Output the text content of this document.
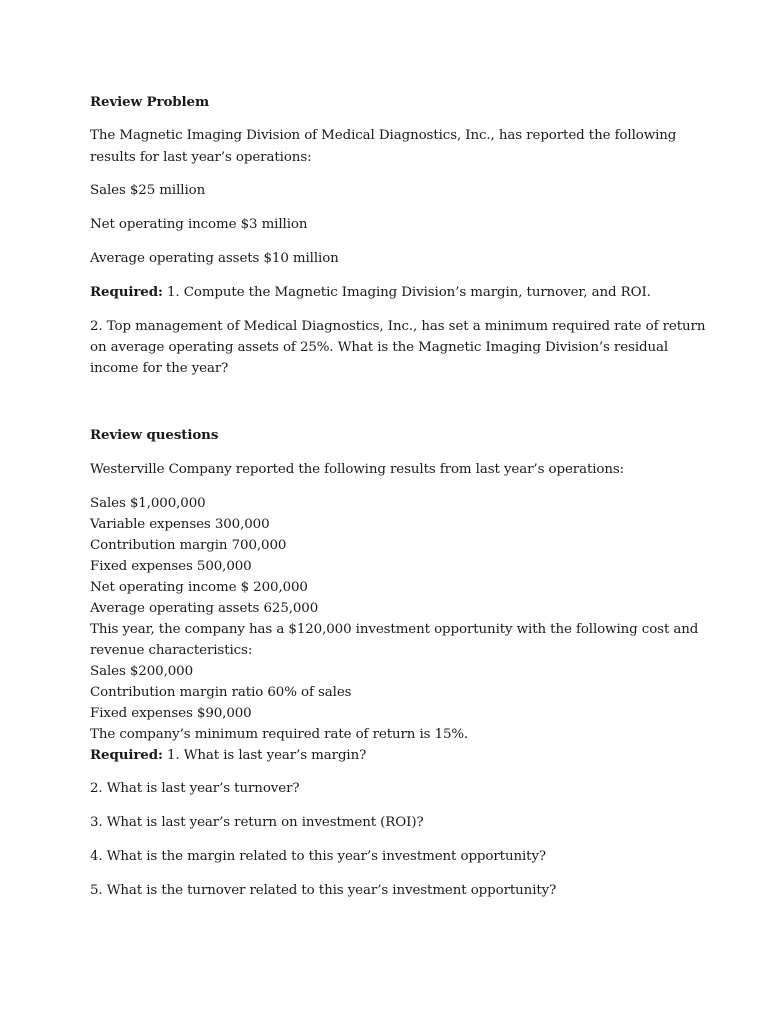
Review Problem
The Magnetic Imaging Division of Medical Diagnostics, Inc., has reported the following
results for last year’s operations:
Sales $25 million
Net operating income $3 million
Average operating assets $10 million
Required: 1. Compute the Magnetic Imaging Division’s margin, turnover, and ROI.
2. Top management of Medical Diagnostics, Inc., has set a minimum required rate of return
on average operating assets of 25%. What is the Magnetic Imaging Division’s residual
income for the year?
Review questions
Westerville Company reported the following results from last year’s operations:
Sales $1,000,000
Variable expenses 300,000
Contribution margin 700,000
Fixed expenses 500,000
Net operating income $ 200,000
Average operating assets 625,000
This year, the company has a $120,000 investment opportunity with the following cost and
revenue characteristics:
Sales $200,000
Contribution margin ratio 60% of sales
Fixed expenses $90,000
The company’s minimum required rate of return is 15%.
Required: 1. What is last year’s margin?
2. What is last year’s turnover?
3. What is last year’s return on investment (ROI)?
4. What is the margin related to this year’s investment opportunity?
5. What is the turnover related to this year’s investment opportunity?
